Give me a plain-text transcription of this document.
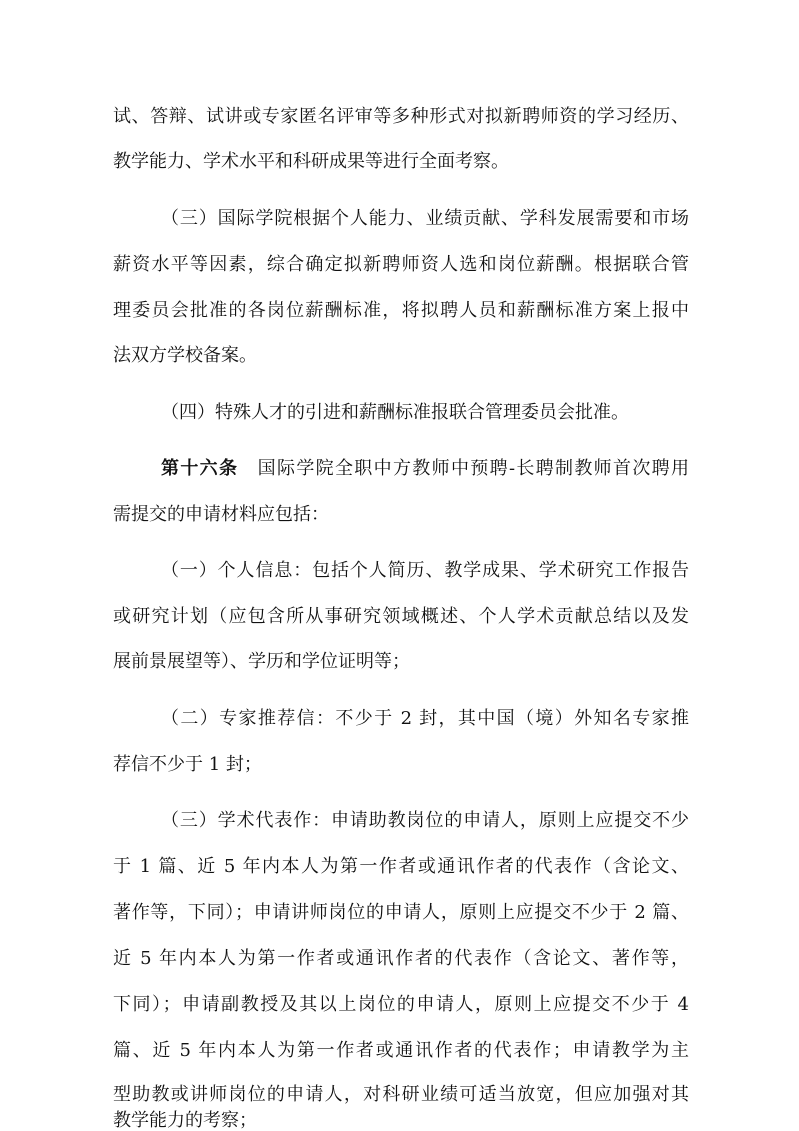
试、答辩、试讲或专家匿名评审等多种形式对拟新聘师资的学习经历、
教学能力、学术水平和科研成果等进行全面考察。
（三）国际学院根据个人能力、业绩贡献、学科发展需要和市场
薪资水平等因素，综合确定拟新聘师资人选和岗位薪酬。根据联合管
理委员会批准的各岗位薪酬标准，将拟聘人员和薪酬标准方案上报中
法双方学校备案。
（四）特殊人才的引进和薪酬标准报联合管理委员会批准。
第十六条  国际学院全职中方教师中预聘-长聘制教师首次聘用
需提交的申请材料应包括：
（一）个人信息：包括个人简历、教学成果、学术研究工作报告
或研究计划（应包含所从事研究领域概述、个人学术贡献总结以及发
展前景展望等）、学历和学位证明等；
（二）专家推荐信：不少于 2 封，其中国（境）外知名专家推
荐信不少于 1 封；
（三）学术代表作：申请助教岗位的申请人，原则上应提交不少
于 1 篇、近 5 年内本人为第一作者或通讯作者的代表作（含论文、
著作等，下同）；申请讲师岗位的申请人，原则上应提交不少于 2 篇、
近 5 年内本人为第一作者或通讯作者的代表作（含论文、著作等，
下同）；申请副教授及其以上岗位的申请人，原则上应提交不少于 4
篇、近 5 年内本人为第一作者或通讯作者的代表作；申请教学为主
型助教或讲师岗位的申请人，对科研业绩可适当放宽，但应加强对其
教学能力的考察；
